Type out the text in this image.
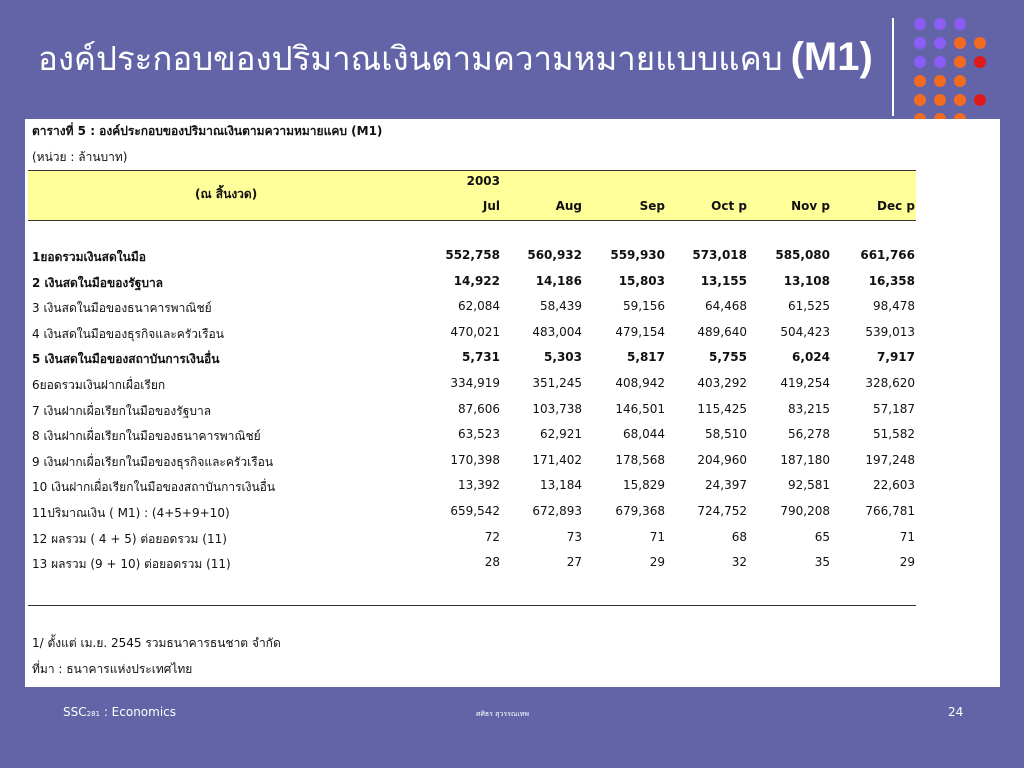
องค์ประกอบของปริมาณเงินตามความหมายแบบแคบ (M1)
ตารางที่ 5 : องค์ประกอบของปริมาณเงินตามความหมายแคบ (M1)
(หน่วย : ล้านบาท)
(ณ สิ้นงวด)
2003
Jul	Aug	Sep	Oct p	Nov p	Dec p
1ยอดรวมเงินสดในมือ	552,758	560,932	559,930	573,018	585,080	661,766
2 เงินสดในมือของรัฐบาล	14,922	14,186	15,803	13,155	13,108	16,358
3 เงินสดในมือของธนาคารพาณิชย์	62,084	58,439	59,156	64,468	61,525	98,478
4 เงินสดในมือของธุรกิจและครัวเรือน	470,021	483,004	479,154	489,640	504,423	539,013
5 เงินสดในมือของสถาบันการเงินอื่น	5,731	5,303	5,817	5,755	6,024	7,917
6ยอดรวมเงินฝากเผื่อเรียก	334,919	351,245	408,942	403,292	419,254	328,620
7 เงินฝากเผื่อเรียกในมือของรัฐบาล	87,606	103,738	146,501	115,425	83,215	57,187
8 เงินฝากเผื่อเรียกในมือของธนาคารพาณิชย์	63,523	62,921	68,044	58,510	56,278	51,582
9 เงินฝากเผื่อเรียกในมือของธุรกิจและครัวเรือน	170,398	171,402	178,568	204,960	187,180	197,248
10 เงินฝากเผื่อเรียกในมือของสถาบันการเงินอื่น	13,392	13,184	15,829	24,397	92,581	22,603
11ปริมาณเงิน ( M1) : (4+5+9+10)	659,542	672,893	679,368	724,752	790,208	766,781
12 ผลรวม ( 4 + 5) ต่อยอดรวม (11)	72	73	71	68	65	71
13 ผลรวม (9 + 10) ต่อยอดรวม (11)	28	27	29	32	35	29
1/ ตั้งแต่ เม.ย. 2545 รวมธนาคารธนชาต จำกัด
ที่มา : ธนาคารแห่งประเทศไทย
SSC281 : Economics	ศศิธร สุวรรณเทพ	24
